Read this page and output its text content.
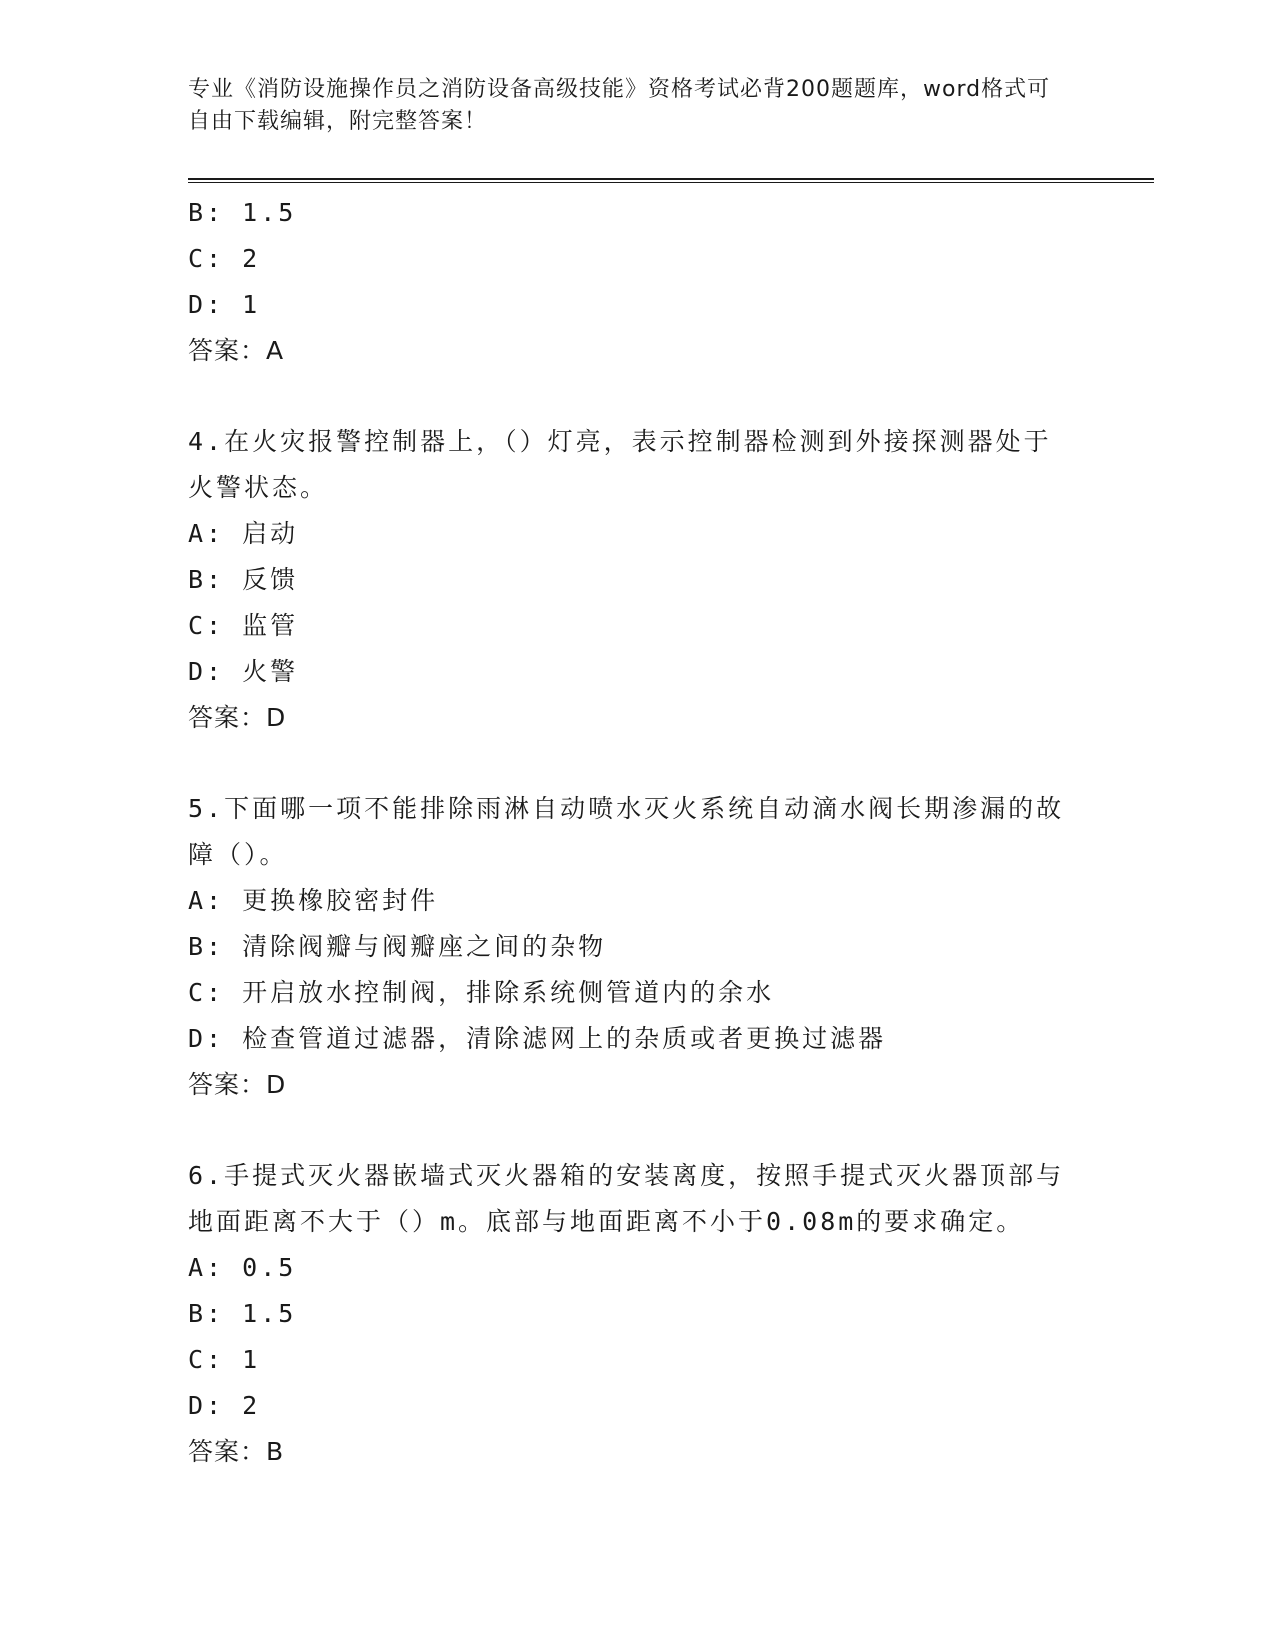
专业《消防设施操作员之消防设备高级技能》资格考试必背200题题库，word格式可自由下载编辑，附完整答案！
B: 1.5
C: 2
D: 1
答案：A
4.在火灾报警控制器上，（）灯亮，表示控制器检测到外接探测器处于火警状态。
A: 启动
B: 反馈
C: 监管
D: 火警
答案：D
5.下面哪一项不能排除雨淋自动喷水灭火系统自动滴水阀长期渗漏的故障（）。
A: 更换橡胶密封件
B: 清除阀瓣与阀瓣座之间的杂物
C: 开启放水控制阀，排除系统侧管道内的余水
D: 检查管道过滤器，清除滤网上的杂质或者更换过滤器
答案：D
6.手提式灭火器嵌墙式灭火器箱的安装离度，按照手提式灭火器顶部与地面距离不大于（）m。底部与地面距离不小于0.08m的要求确定。
A: 0.5
B: 1.5
C: 1
D: 2
答案：B
